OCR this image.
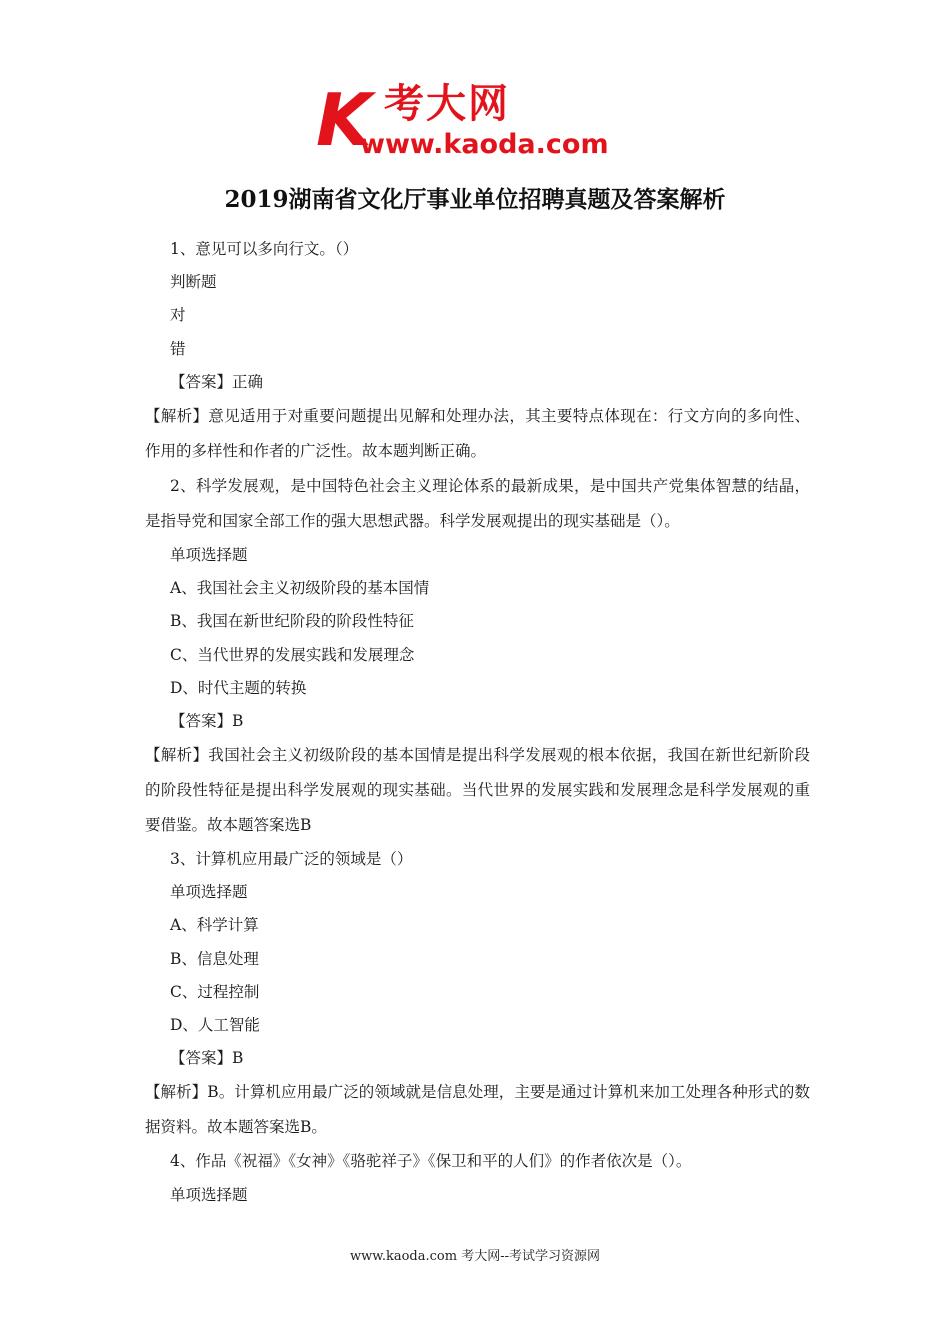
K 考大网
www.kaoda.com
2019湖南省文化厅事业单位招聘真题及答案解析
1、意见可以多向行文。（）
判断题
对
错
【答案】正确
【解析】意见适用于对重要问题提出见解和处理办法，其主要特点体现在：行文方向的多向性、作用的多样性和作者的广泛性。故本题判断正确。
2、科学发展观，是中国特色社会主义理论体系的最新成果，是中国共产党集体智慧的结晶，是指导党和国家全部工作的强大思想武器。科学发展观提出的现实基础是（）。
单项选择题
A、我国社会主义初级阶段的基本国情
B、我国在新世纪阶段的阶段性特征
C、当代世界的发展实践和发展理念
D、时代主题的转换
【答案】B
【解析】我国社会主义初级阶段的基本国情是提出科学发展观的根本依据，我国在新世纪新阶段的阶段性特征是提出科学发展观的现实基础。当代世界的发展实践和发展理念是科学发展观的重要借鉴。故本题答案选B
3、计算机应用最广泛的领域是（）
单项选择题
A、科学计算
B、信息处理
C、过程控制
D、人工智能
【答案】B
【解析】B。计算机应用最广泛的领域就是信息处理，主要是通过计算机来加工处理各种形式的数据资料。故本题答案选B。
4、作品《祝福》《女神》《骆驼祥子》《保卫和平的人们》的作者依次是（）。
单项选择题
www.kaoda.com 考大网--考试学习资源网
